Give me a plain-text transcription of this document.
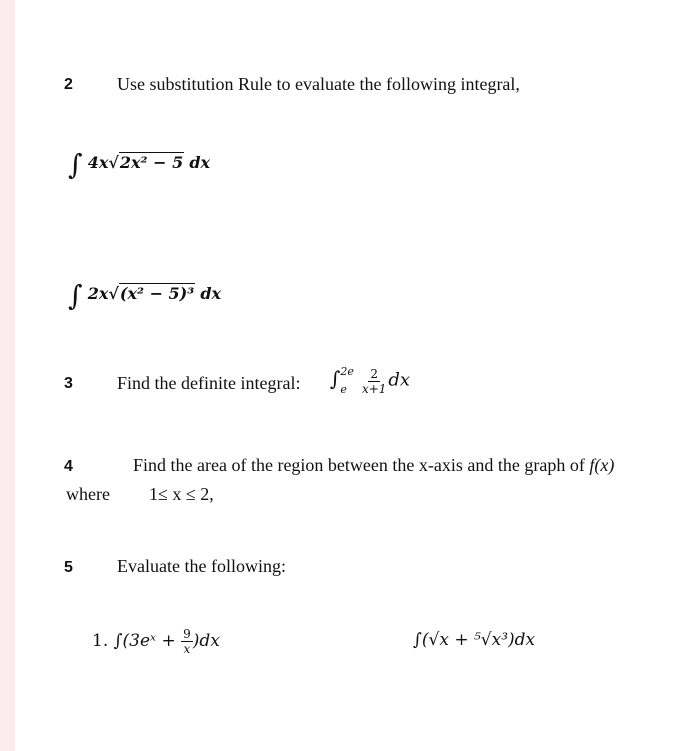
2 Use substitution Rule to evaluate the following integral,
∫ 4x√2x² − 5 dx
∫ 2x√(x² − 5)³ dx
3 Find the definite integral: ∫ 2e
e	$\frac{2}{x+1}$ dx
4	Find the area of the region between the x-axis and the graph of f(x)
where 1≤ x ≤ 2,
5 Evaluate the following:
1. ∫(3eˣ + $\frac{9}{x} )dx$	∫(√x + ⁵√x³)dx
